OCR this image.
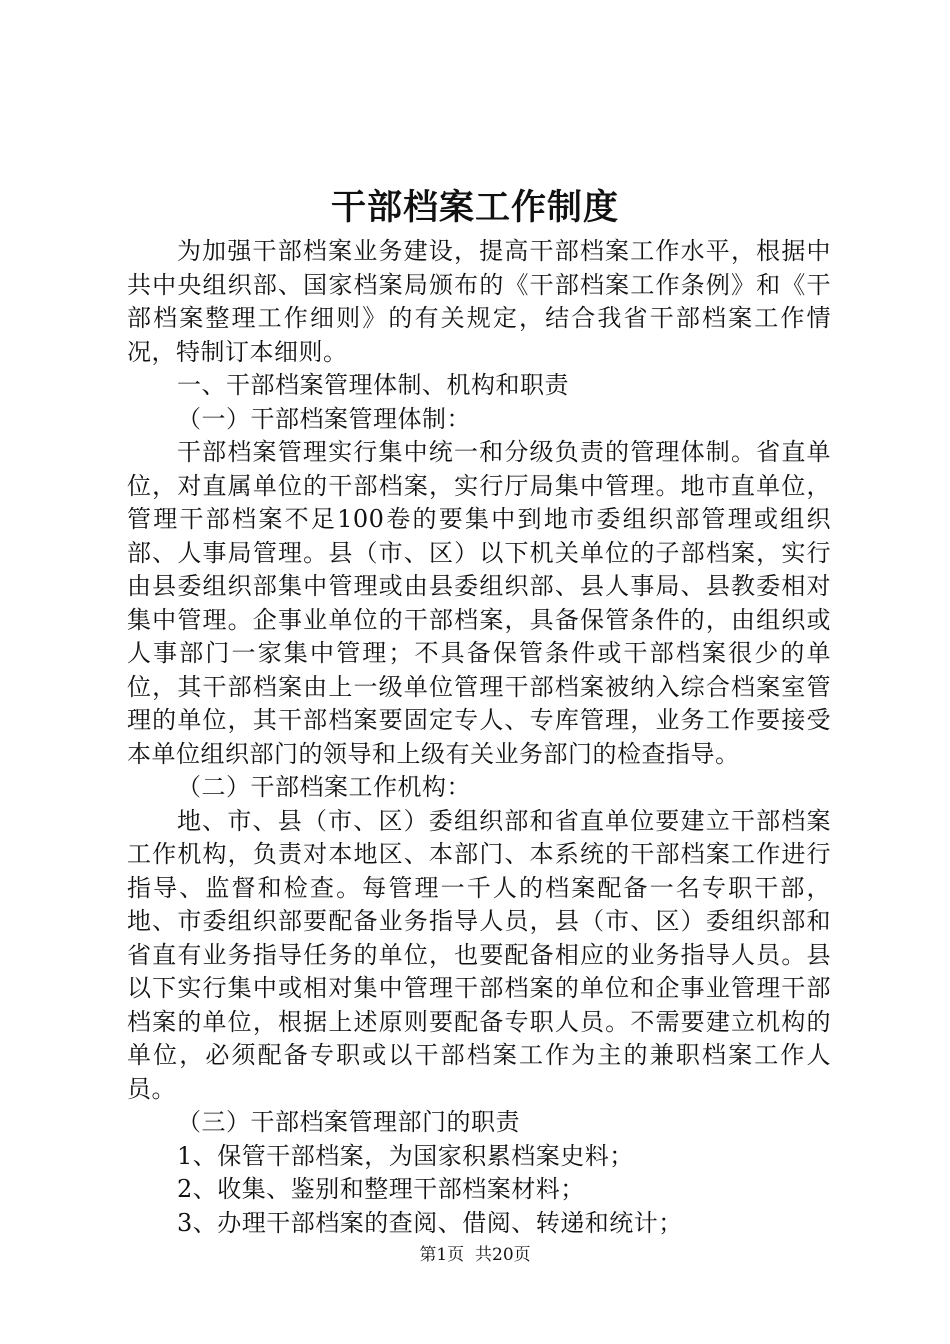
干部档案工作制度

为加强干部档案业务建设，提高干部档案工作水平，根据中共中央组织部、国家档案局颁布的《干部档案工作条例》和《干部档案整理工作细则》的有关规定，结合我省干部档案工作情况，特制订本细则。

一、干部档案管理体制、机构和职责

（一）干部档案管理体制：

干部档案管理实行集中统一和分级负责的管理体制。省直单位，对直属单位的干部档案，实行厅局集中管理。地市直单位，管理干部档案不足100卷的要集中到地市委组织部管理或组织部、人事局管理。县（市、区）以下机关单位的子部档案，实行由县委组织部集中管理或由县委组织部、县人事局、县教委相对集中管理。企事业单位的干部档案，具备保管条件的，由组织或人事部门一家集中管理；不具备保管条件或干部档案很少的单位，其干部档案由上一级单位管理干部档案被纳入综合档案室管理的单位，其干部档案要固定专人、专库管理，业务工作要接受本单位组织部门的领导和上级有关业务部门的检查指导。

（二）干部档案工作机构：

地、市、县（市、区）委组织部和省直单位要建立干部档案工作机构，负责对本地区、本部门、本系统的干部档案工作进行指导、监督和检查。每管理一千人的档案配备一名专职干部，地、市委组织部要配备业务指导人员，县（市、区）委组织部和省直有业务指导任务的单位，也要配备相应的业务指导人员。县以下实行集中或相对集中管理干部档案的单位和企事业管理干部档案的单位，根据上述原则要配备专职人员。不需要建立机构的单位，必须配备专职或以干部档案工作为主的兼职档案工作人员。

（三）干部档案管理部门的职责

1、保管干部档案，为国家积累档案史料；

2、收集、鉴别和整理干部档案材料；

3、办理干部档案的查阅、借阅、转递和统计；

第1页 共20页
